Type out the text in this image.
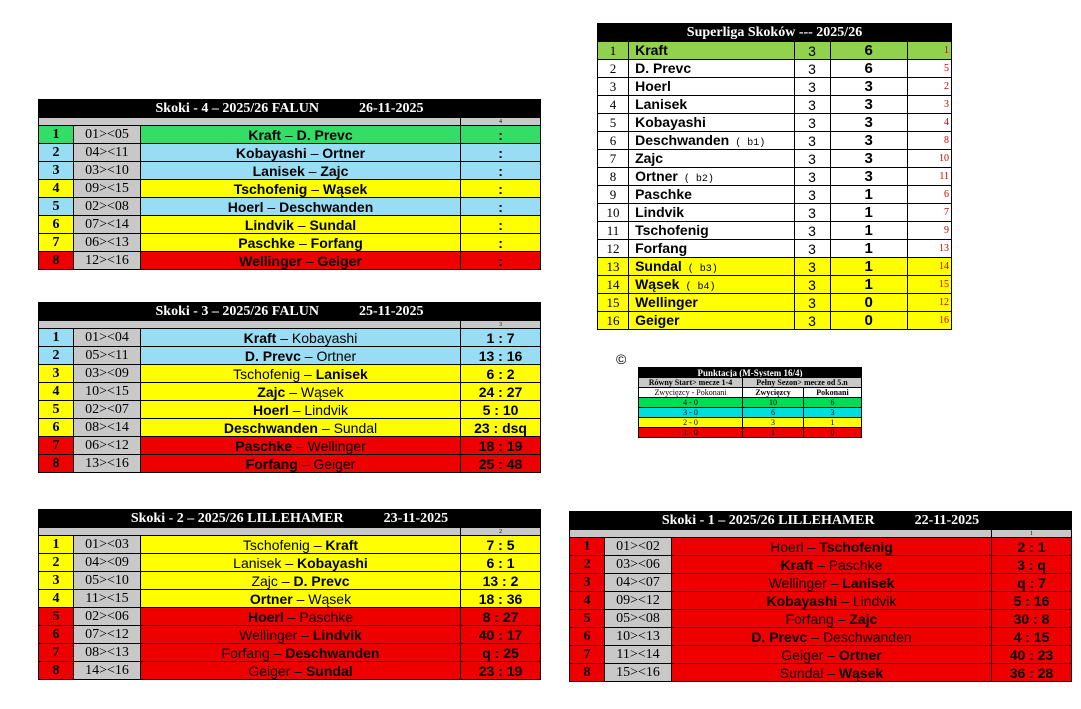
Skoki - 4 – 2025/26 FALUN 26-11-2025			
			4
1	01><05	Kraft – D. Prevc	:
2	04><11	Kobayashi – Ortner	:
3	03><10	Lanisek – Zajc	:
4	09><15	Tschofenig – Wąsek	:
5	02><08	Hoerl – Deschwanden	:
6	07><14	Lindvik – Sundal	:
7	06><13	Paschke – Forfang	:
8	12><16	Wellinger – Geiger	:
Skoki - 3 – 2025/26 FALUN 25-11-2025			
			3
1	01><04	Kraft – Kobayashi	1 : 7
2	05><11	D. Prevc – Ortner	13 : 16
3	03><09	Tschofenig – Lanisek	6 : 2
4	10><15	Zajc – Wąsek	24 : 27
5	02><07	Hoerl – Lindvik	5 : 10
6	08><14	Deschwanden – Sundal	23 : dsq
7	06><12	Paschke – Wellinger	18 : 19
8	13><16	Forfang – Geiger	25 : 48
Skoki - 2 – 2025/26 LILLEHAMER 23-11-2025			
			2
1	01><03	Tschofenig – Kraft	7 : 5
2	04><09	Lanisek – Kobayashi	6 : 1
3	05><10	Zajc – D. Prevc	13 : 2
4	11><15	Ortner – Wąsek	18 : 36
5	02><06	Hoerl – Paschke	8 : 27
6	07><12	Wellinger – Lindvik	40 : 17
7	08><13	Forfang – Deschwanden	q : 25
8	14><16	Geiger – Sundal	23 : 19
Skoki - 1 – 2025/26 LILLEHAMER 22-11-2025			
			1
1	01><02	Hoerl – Tschofenig	2 : 1
2	03><06	Kraft – Paschke	3 : q
3	04><07	Wellinger – Lanisek	q : 7
4	09><12	Kobayashi – Lindvik	5 : 16
5	05><08	Forfang – Zajc	30 : 8
6	10><13	D. Prevc – Deschwanden	4 : 15
7	11><14	Geiger – Ortner	40 : 23
8	15><16	Sundal – Wąsek	36 : 28
Superliga Skoków --- 2025/26				
1	Kraft	3	6	1
2	D. Prevc	3	6	5
3	Hoerl	3	3	2
4	Lanisek	3	3	3
5	Kobayashi	3	3	4
6	Deschwanden ( b1)	3	3	8
7	Zajc	3	3	10
8	Ortner ( b2)	3	3	11
9	Paschke	3	1	6
10	Lindvik	3	1	7
11	Tschofenig	3	1	9
12	Forfang	3	1	13
13	Sundal ( b3)	3	1	14
14	Wąsek ( b4)	3	1	15
15	Wellinger	3	0	12
16	Geiger	3	0	16
©
Punktacja (M-System 16/4)		
Równy Start> mecze 1-4	Pełny Sezon> mecze od 5.n	
Zwycięzcy - Pokonani	Zwycięzcy	Pokonani
4 - 0	10	6
3 - 0	6	3
2 - 0	3	1
1 - 0	1	0
